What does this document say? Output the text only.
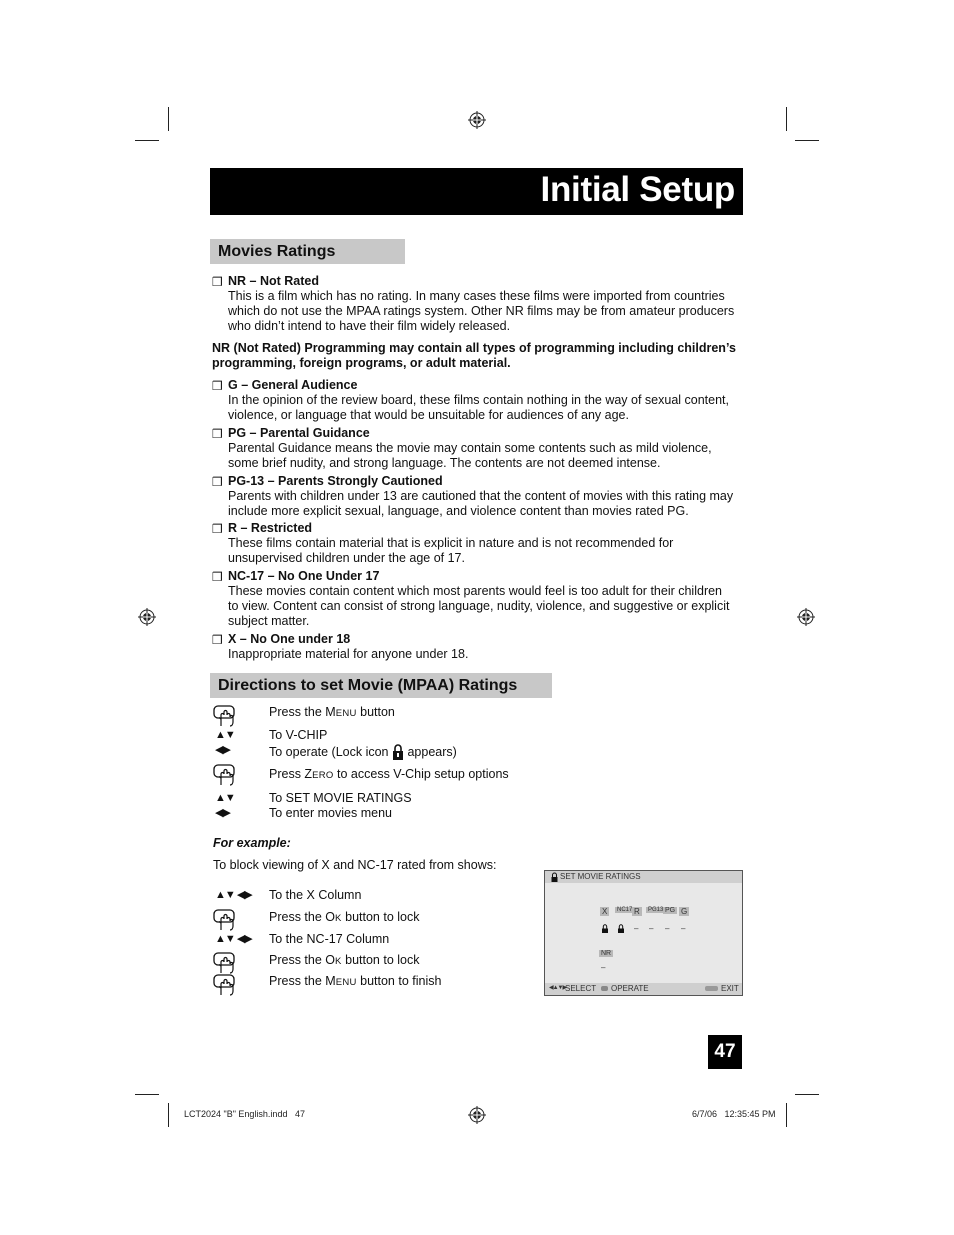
Initial Setup
Movies Ratings
❒ NR – Not Rated
This is a film which has no rating. In many cases these films were imported from countries
which do not use the MPAA ratings system. Other NR films may be from amateur producers
who didn’t intend to have their film widely released.
NR (Not Rated) Programming may contain all types of programming including children’s
programming, foreign programs, or adult material.
❒ G – General Audience
In the opinion of the review board, these films contain nothing in the way of sexual content,
violence, or language that would be unsuitable for audiences of any age.
❒ PG – Parental Guidance
Parental Guidance means the movie may contain some contents such as mild violence,
some brief nudity, and strong language. The contents are not deemed intense.
❒ PG-13 – Parents Strongly Cautioned
Parents with children under 13 are cautioned that the content of movies with this rating may
include more explicit sexual, language, and violence content than movies rated PG.
❒ R – Restricted
These films contain material that is explicit in nature and is not recommended for
unsupervised children under the age of 17.
❒ NC-17 – No One Under 17
These movies contain content which most parents would feel is too adult for their children
to view. Content can consist of strong language, nudity, violence, and suggestive or explicit
subject matter.
❒ X – No One under 18
Inappropriate material for anyone under 18.
Directions to set Movie (MPAA) Ratings
Press the MENU button
▲▼	To V-CHIP
◀▶	To operate (Lock icon  appears)
Press ZERO to access V-Chip setup options
▲▼	To SET MOVIE RATINGS
◀▶	To enter movies menu
For example:
To block viewing of X and NC-17 rated from shows:
▲▼ ◀▶ To the X Column
Press the OK button to lock
▲▼ ◀▶ To the NC-17 Column
Press the OK button to lock
Press the MENU button to finish
SET MOVIE RATINGS
X	NC17 R	PG13 PG G
– – – –
NR
–
◀▲▼▶
SELECT OPERATE	EXIT
47
LCT2024 "B" English.indd   47	6/7/06   12:35:45 PM
